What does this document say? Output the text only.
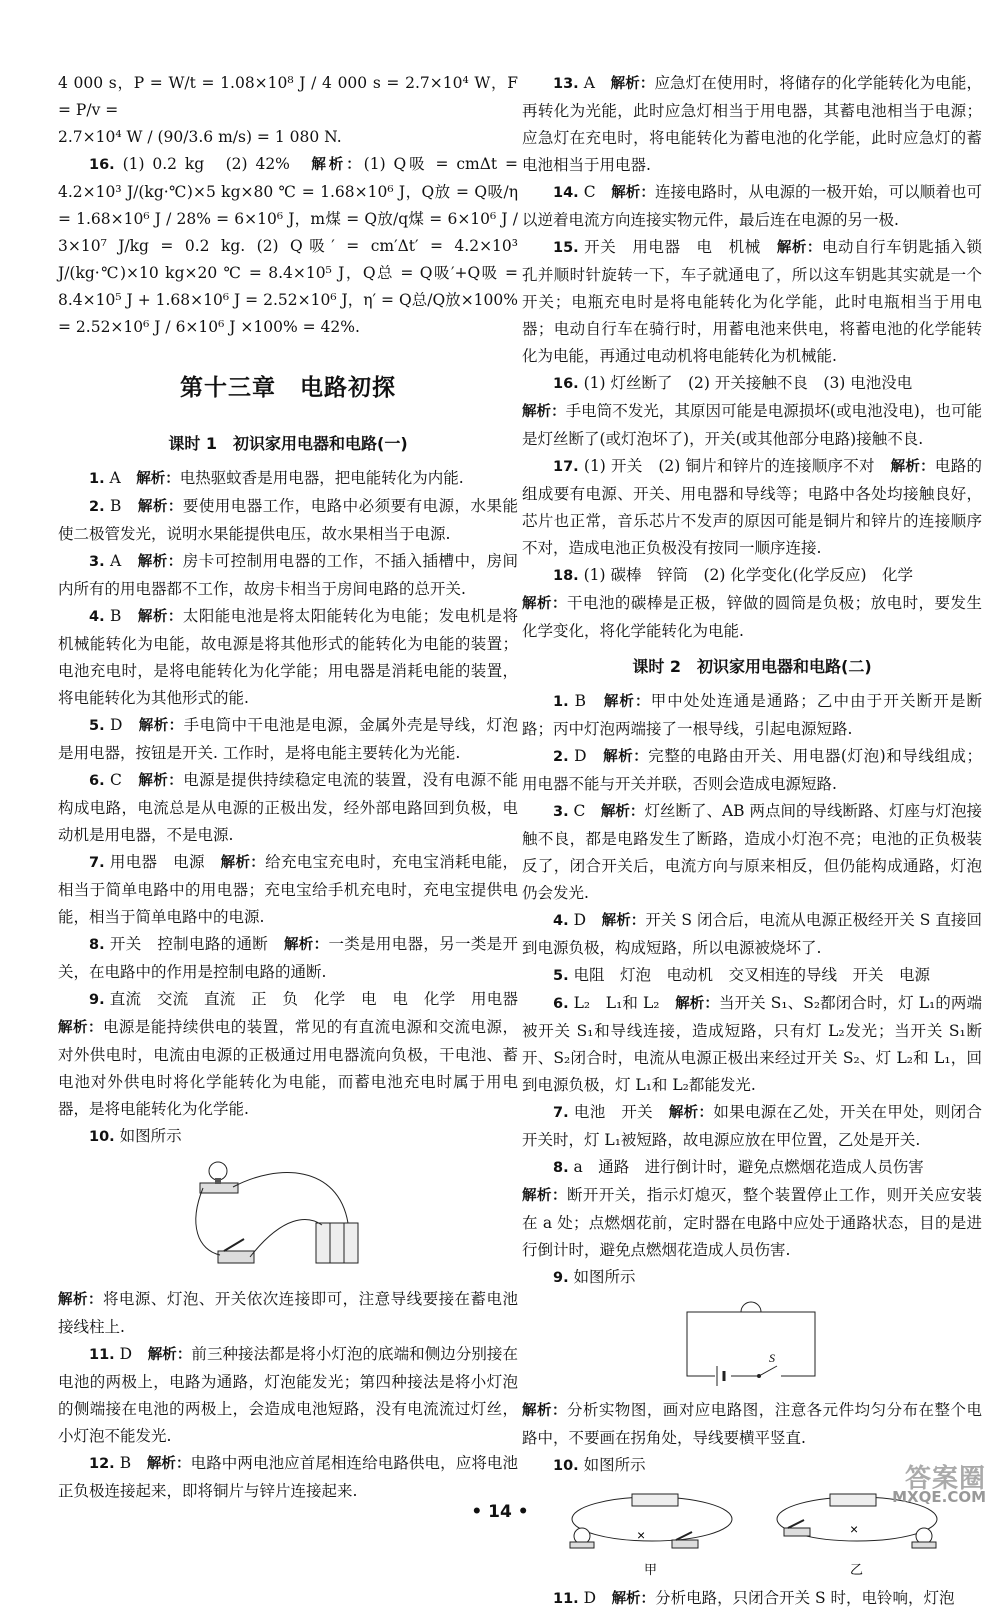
4 000 s，P = W/t = 1.08×10⁸ J / 4 000 s = 2.7×10⁴ W，F = P/v =

2.7×10⁴ W / (90/3.6 m/s) = 1 080 N.

16. (1) 0.2 kg　(2) 42%　解析：(1) Q吸 = cmΔt = 4.2×10³ J/(kg·℃)×5 kg×80 ℃ = 1.68×10⁶ J，Q放 = Q吸/η = 1.68×10⁶ J / 28% = 6×10⁶ J，m煤 = Q放/q煤 = 6×10⁶ J / 3×10⁷ J/kg = 0.2 kg. (2) Q吸′ = cm′Δt′ = 4.2×10³ J/(kg·℃)×10 kg×20 ℃ = 8.4×10⁵ J，Q总 = Q吸′+Q吸 = 8.4×10⁵ J + 1.68×10⁶ J = 2.52×10⁶ J，η′ = Q总/Q放×100% = 2.52×10⁶ J / 6×10⁶ J ×100% = 42%.

第十三章　电路初探
课时 1　初识家用电器和电路(一)

1. A　解析：电热驱蚊香是用电器，把电能转化为内能.

2. B　解析：要使用电器工作，电路中必须要有电源，水果能使二极管发光，说明水果能提供电压，故水果相当于电源.

3. A　解析：房卡可控制用电器的工作，不插入插槽中，房间内所有的用电器都不工作，故房卡相当于房间电路的总开关.

4. B　解析：太阳能电池是将太阳能转化为电能；发电机是将机械能转化为电能，故电源是将其他形式的能转化为电能的装置；电池充电时，是将电能转化为化学能；用电器是消耗电能的装置，将电能转化为其他形式的能.

5. D　解析：手电筒中干电池是电源，金属外壳是导线，灯泡是用电器，按钮是开关. 工作时，是将电能主要转化为光能.

6. C　解析：电源是提供持续稳定电流的装置，没有电源不能构成电路，电流总是从电源的正极出发，经外部电路回到负极，电动机是用电器，不是电源.

7. 用电器　电源　解析：给充电宝充电时，充电宝消耗电能，相当于简单电路中的用电器；充电宝给手机充电时，充电宝提供电能，相当于简单电路中的电源.

8. 开关　控制电路的通断　解析：一类是用电器，另一类是开关，在电路中的作用是控制电路的通断.

9. 直流　交流　直流　正　负　化学　电　电　化学　用电器　解析：电源是能持续供电的装置，常见的有直流电源和交流电源，对外供电时，电流由电源的正极通过用电器流向负极，干电池、蓄电池对外供电时将化学能转化为电能，而蓄电池充电时属于用电器，是将电能转化为化学能.

10. 如图所示

解析：将电源、灯泡、开关依次连接即可，注意导线要接在蓄电池接线柱上.

11. D　解析：前三种接法都是将小灯泡的底端和侧边分别接在电池的两极上，电路为通路，灯泡能发光；第四种接法是将小灯泡的侧端接在电池的两极上，会造成电池短路，没有电流流过灯丝，小灯泡不能发光.

12. B　解析：电路中两电池应首尾相连给电路供电，应将电池正负极连接起来，即将铜片与锌片连接起来.

13. A　解析：应急灯在使用时，将储存的化学能转化为电能，再转化为光能，此时应急灯相当于用电器，其蓄电池相当于电源；应急灯在充电时，将电能转化为蓄电池的化学能，此时应急灯的蓄电池相当于用电器.

14. C　解析：连接电路时，从电源的一极开始，可以顺着也可以逆着电流方向连接实物元件，最后连在电源的另一极.

15. 开关　用电器　电　机械　解析：电动自行车钥匙插入锁孔并顺时针旋转一下，车子就通电了，所以这车钥匙其实就是一个开关；电瓶充电时是将电能转化为化学能，此时电瓶相当于用电器；电动自行车在骑行时，用蓄电池来供电，将蓄电池的化学能转化为电能，再通过电动机将电能转化为机械能.

16. (1) 灯丝断了　(2) 开关接触不良　(3) 电池没电

解析：手电筒不发光，其原因可能是电源损坏(或电池没电)，也可能是灯丝断了(或灯泡坏了)，开关(或其他部分电路)接触不良.

17. (1) 开关　(2) 铜片和锌片的连接顺序不对　解析：电路的组成要有电源、开关、用电器和导线等；电路中各处均接触良好，芯片也正常，音乐芯片不发声的原因可能是铜片和锌片的连接顺序不对，造成电池正负极没有按同一顺序连接.

18. (1) 碳棒　锌筒　(2) 化学变化(化学反应)　化学

解析：干电池的碳棒是正极，锌做的圆筒是负极；放电时，要发生化学变化，将化学能转化为电能.

课时 2　初识家用电器和电路(二)

1. B　解析：甲中处处连通是通路；乙中由于开关断开是断路；丙中灯泡两端接了一根导线，引起电源短路.

2. D　解析：完整的电路由开关、用电器(灯泡)和导线组成；用电器不能与开关并联，否则会造成电源短路.

3. C　解析：灯丝断了、AB 两点间的导线断路、灯座与灯泡接触不良，都是电路发生了断路，造成小灯泡不亮；电池的正负极装反了，闭合开关后，电流方向与原来相反，但仍能构成通路，灯泡仍会发光.

4. D　解析：开关 S 闭合后，电流从电源正极经开关 S 直接回到电源负极，构成短路，所以电源被烧坏了.

5. 电阻　灯泡　电动机　交叉相连的导线　开关　电源

6. L₂　L₁和 L₂　解析：当开关 S₁、S₂都闭合时，灯 L₁的两端被开关 S₁和导线连接，造成短路，只有灯 L₂发光；当开关 S₁断开、S₂闭合时，电流从电源正极出来经过开关 S₂、灯 L₂和 L₁，回到电源负极，灯 L₁和 L₂都能发光.

7. 电池　开关　解析：如果电源在乙处，开关在甲处，则闭合开关时，灯 L₁被短路，故电源应放在甲位置，乙处是开关.

8. a　通路　进行倒计时，避免点燃烟花造成人员伤害

解析：断开开关，指示灯熄灭，整个装置停止工作，则开关应安装在 a 处；点燃烟花前，定时器在电路中应处于通路状态，目的是进行倒计时，避免点燃烟花造成人员伤害.

9. 如图所示

S

解析：分析实物图，画对应电路图，注意各元件均匀分布在整个电路中，不要画在拐角处，导线要横平竖直.

10. 如图所示

×
甲
×
乙

11. D　解析：分析电路，只闭合开关 S 时，电铃响，灯泡

• 14 •
答案圈
MXQE.COM
